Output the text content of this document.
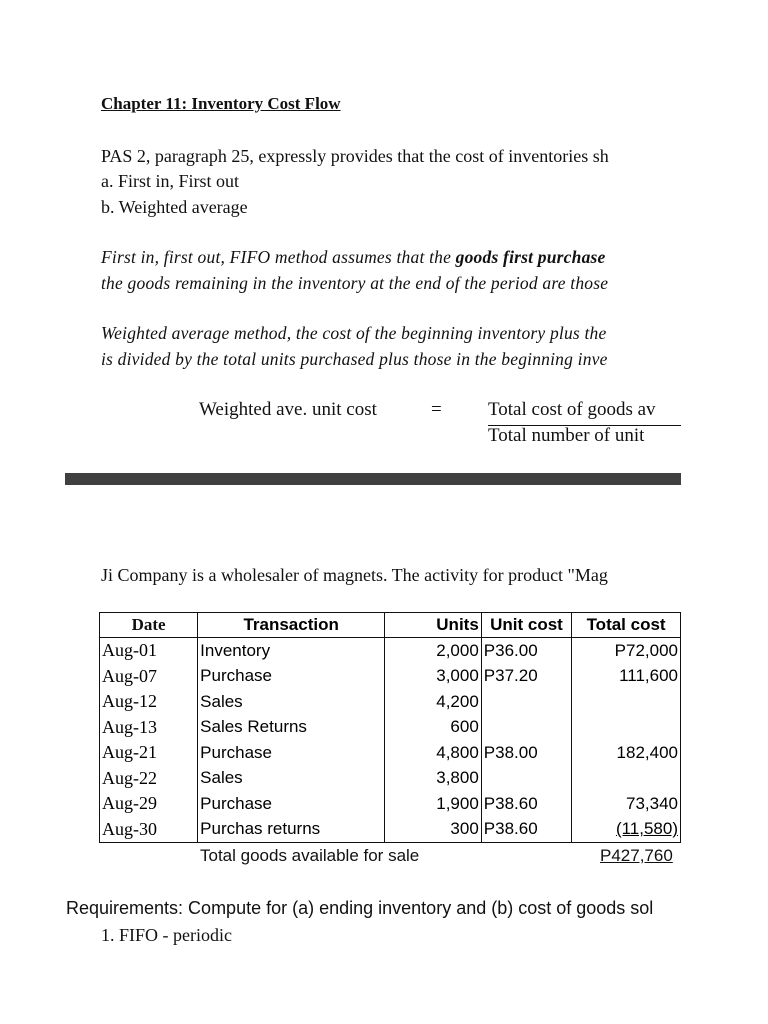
Chapter 11: Inventory Cost Flow
PAS 2, paragraph 25, expressly provides that the cost of inventories sh
a. First in, First out
b. Weighted average
First in, first out, FIFO method assumes that the goods first purchase
the goods remaining in the inventory at the end of the period are those
Weighted average method, the cost of the beginning inventory plus the
is divided by the total units purchased plus those in the beginning inve
Weighted ave. unit cost	= Total cost of goods av
Total number of unit
Ji Company is a wholesaler of magnets. The activity for product "Mag
Date	Transaction	Units	Unit cost	Total cost
Aug-01	Inventory	2,000	P36.00	P72,000
Aug-07	Purchase	3,000	P37.20	111,600
Aug-12	Sales	4,200		
Aug-13	Sales Returns	600		
Aug-21	Purchase	4,800	P38.00	182,400
Aug-22	Sales	3,800		
Aug-29	Purchase	1,900	P38.60	73,340
Aug-30	Purchas returns	300	P38.60	(11,580)
Total goods available for sale	P427,760
Requirements: Compute for (a) ending inventory and (b) cost of goods sol
1. FIFO - periodic
